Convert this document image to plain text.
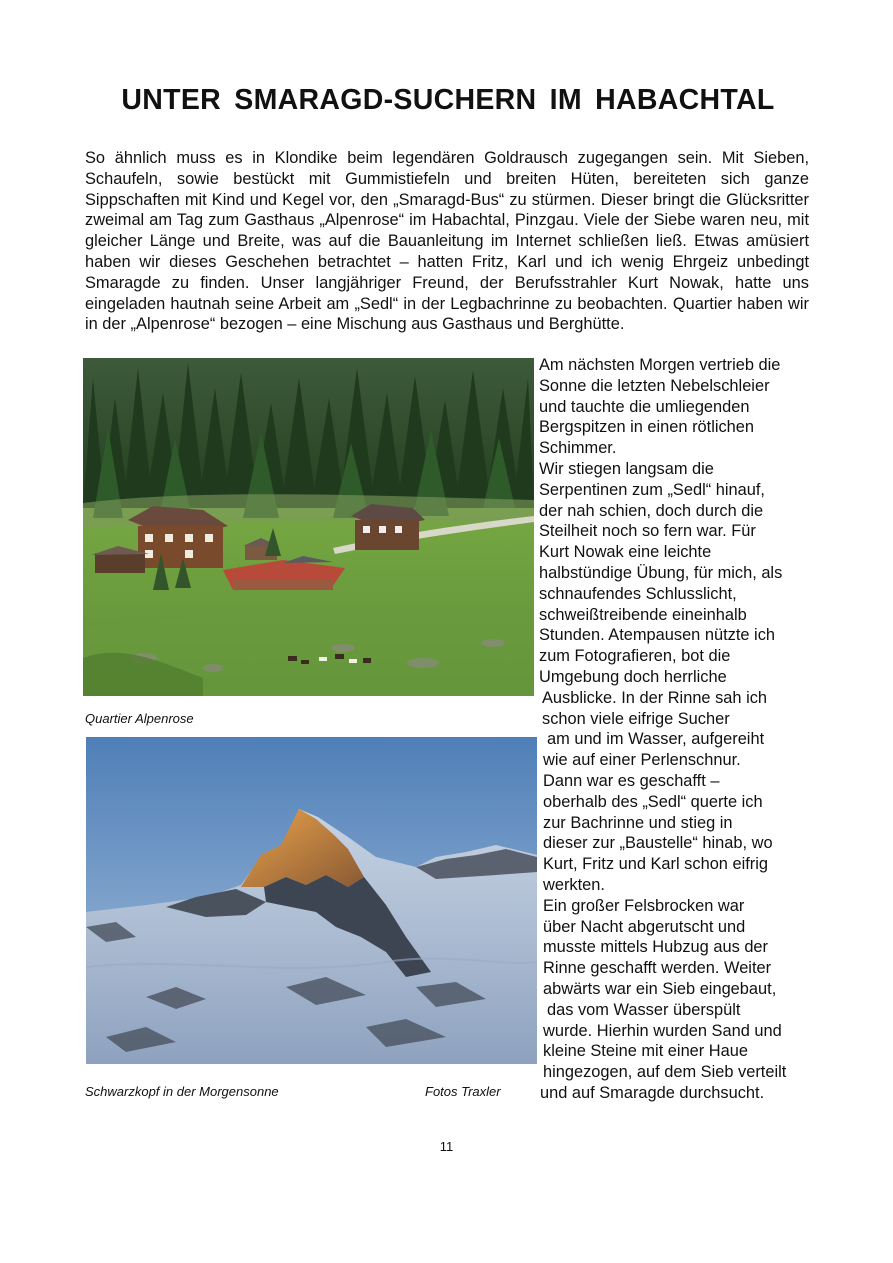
UNTER SMARAGD-SUCHERN IM HABACHTAL

So ähnlich muss es in Klondike beim legendären Goldrausch zugegangen sein. Mit Sieben, Schaufeln, sowie bestückt mit Gummistiefeln und breiten Hüten, bereiteten sich ganze Sippschaften mit Kind und Kegel vor, den „Smaragd-Bus“ zu stürmen. Dieser bringt die Glücksritter zweimal am Tag zum Gasthaus „Alpenrose“ im Habachtal, Pinzgau. Viele der Siebe waren neu, mit gleicher Länge und Breite, was auf die Bauanleitung im Internet schließen ließ. Etwas amüsiert haben wir dieses Geschehen betrachtet – hatten Fritz, Karl und ich wenig Ehrgeiz unbedingt Smaragde zu finden. Unser langjähriger Freund, der Berufsstrahler Kurt Nowak, hatte uns eingeladen hautnah seine Arbeit am „Sedl“ in der Legbachrinne zu beobachten. Quartier haben wir in der „Alpenrose“ bezogen – eine Mischung aus Gasthaus und Berghütte.

Quartier Alpenrose
Schwarzkopf in der Morgensonne	Fotos Traxler
Am nächsten Morgen vertrieb die
Sonne die letzten Nebelschleier
und tauchte die umliegenden
Bergspitzen in einen rötlichen
Schimmer.
Wir stiegen langsam die
Serpentinen zum „Sedl“ hinauf,
der nah schien, doch durch die
Steilheit noch so fern war. Für
Kurt Nowak eine leichte
halbstündige Übung, für mich, als
schnaufendes Schlusslicht,
schweißtreibende eineinhalb
Stunden. Atempausen nützte ich
zum Fotografieren, bot die
Umgebung doch herrliche
Ausblicke. In der Rinne sah ich
schon viele eifrige Sucher
am und im Wasser, aufgereiht
wie auf einer Perlenschnur.
Dann war es geschafft –
oberhalb des „Sedl“ querte ich
zur Bachrinne und stieg in
dieser zur „Baustelle“ hinab, wo
Kurt, Fritz und Karl schon eifrig
werkten.
Ein großer Felsbrocken war
über Nacht abgerutscht und
musste mittels Hubzug aus der
Rinne geschafft werden. Weiter
abwärts war ein Sieb eingebaut,
das vom Wasser überspült
wurde. Hierhin wurden Sand und
kleine Steine mit einer Haue
hingezogen, auf dem Sieb verteilt
und auf Smaragde durchsucht.
11
